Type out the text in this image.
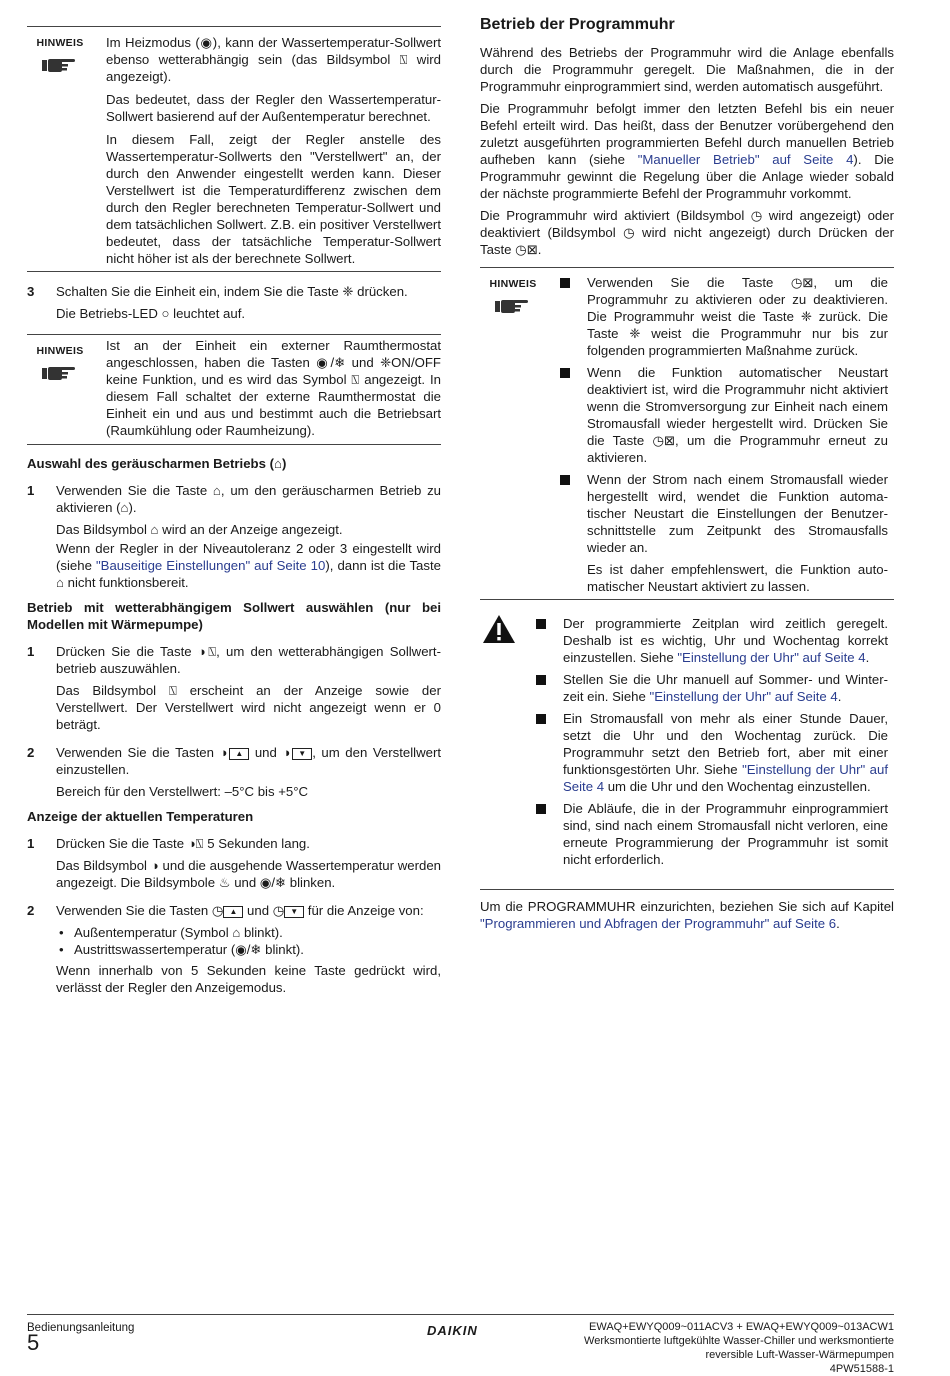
HINWEIS	Im Heizmodus (◉), kann der Wassertemperatur-Sollwert ebenso wetterabhängig sein (das Bildsymbol ⍂ wird angezeigt).

Das bedeutet, dass der Regler den Wassertemperatur-Sollwert basierend auf der Außentemperatur berechnet.

In diesem Fall, zeigt der Regler anstelle des Wassertemperatur-Sollwerts den "Verstellwert" an, der durch den Anwender eingestellt werden kann. Dieser Verstellwert ist die Temperaturdifferenz zwischen dem durch den Regler berechneten Temperatur-Sollwert und dem tatsächlichen Sollwert. Z.B. ein positiver Verstellwert bedeutet, dass der tatsächliche Temperatur-Sollwert nicht höher ist als der berechnete Sollwert.

3 Schalten Sie die Einheit ein, indem Sie die Taste ❈ drücken.

Die Betriebs-LED ○ leuchtet auf.

HINWEIS	Ist an der Einheit ein externer Raumthermostat angeschlossen, haben die Tasten ◉/❄ und ❈ON/OFF keine Funktion, und es wird das Symbol ⍂ angezeigt. In diesem Fall schaltet der externe Raumthermostat die Einheit ein und aus und bestimmt auch die Betriebsart (Raumkühlung oder Raumheizung).

Auswahl des geräuscharmen Betriebs (⌂)
1 Verwenden Sie die Taste ⌂, um den geräuscharmen Betrieb zu aktivieren (⌂).

Das Bildsymbol ⌂ wird an der Anzeige angezeigt.

Wenn der Regler in der Niveautoleranz 2 oder 3 eingestellt wird (siehe "Bauseitige Einstellungen" auf Seite 10), dann ist die Taste ⌂ nicht funktionsbereit.

Betrieb mit wetterabhängigem Sollwert auswählen (nur bei Modellen mit Wärmepumpe)
1 Drücken Sie die Taste ◑⍂, um den wetterabhängigen Sollwert-betrieb auszuwählen.

Das Bildsymbol ⍂ erscheint an der Anzeige sowie der Verstellwert. Der Verstellwert wird nicht angezeigt wenn er 0 beträgt.

2 Verwenden Sie die Tasten ◑ ▲ und ◑ ▼ , um den Verstellwert einzustellen.

Bereich für den Verstellwert: –5°C bis +5°C

Anzeige der aktuellen Temperaturen
1 Drücken Sie die Taste ◑⍂ 5 Sekunden lang.

Das Bildsymbol ◑ und die ausgehende Wassertemperatur werden angezeigt. Die Bildsymbole ♨ und ◉/❄ blinken.

2 Verwenden Sie die Tasten ◷ ▲ und ◷ ▼ für die Anzeige von:

• Außentemperatur (Symbol ⌂ blinkt).
• Austrittswassertemperatur (◉/❄ blinkt).

Wenn innerhalb von 5 Sekunden keine Taste gedrückt wird, verlässt der Regler den Anzeigemodus.

Betrieb der Programmuhr

Während des Betriebs der Programmuhr wird die Anlage ebenfalls durch die Programmuhr geregelt. Die Maßnahmen, die in der Programmuhr einprogrammiert sind, werden automatisch ausgeführt.

Die Programmuhr befolgt immer den letzten Befehl bis ein neuer Befehl erteilt wird. Das heißt, dass der Benutzer vorübergehend den zuletzt ausgeführten programmierten Befehl durch manuellen Betrieb aufheben kann (siehe "Manueller Betrieb" auf Seite 4). Die Programmuhr gewinnt die Regelung über die Anlage wieder sobald der nächste programmierte Befehl der Programmuhr vorkommt.

Die Programmuhr wird aktiviert (Bildsymbol ◷ wird angezeigt) oder deaktiviert (Bildsymbol ◷ wird nicht angezeigt) durch Drücken der Taste ◷⊠.

HINWEIS	Verwenden Sie die Taste ◷⊠, um die Programmuhr zu aktivieren oder zu deaktivieren. Die Programmuhr weist die Taste ❈ zurück. Die Taste ❈ weist die Programmuhr nur bis zur folgenden programmierten Maßnahme zurück.
Wenn die Funktion automatischer Neustart deaktiviert ist, wird die Programmuhr nicht aktiviert wenn die Stromversorgung zur Einheit nach einem Stromausfall wieder hergestellt wird. Drücken Sie die Taste ◷⊠, um die Programmuhr erneut zu aktivieren.
Wenn der Strom nach einem Stromausfall wieder hergestellt wird, wendet die Funktion automa-tischer Neustart die Einstellungen der Benutzer-schnittstelle zum Zeitpunkt des Stromausfalls wieder an.

Es ist daher empfehlenswert, die Funktion auto-matischer Neustart aktiviert zu lassen.

Der programmierte Zeitplan wird zeitlich geregelt. Deshalb ist es wichtig, Uhr und Wochentag korrekt einzustellen. Siehe "Einstellung der Uhr" auf Seite 4.
Stellen Sie die Uhr manuell auf Sommer- und Winter-zeit ein. Siehe "Einstellung der Uhr" auf Seite 4.
Ein Stromausfall von mehr als einer Stunde Dauer, setzt die Uhr und den Wochentag zurück. Die Programmuhr setzt den Betrieb fort, aber mit einer funktionsgestörten Uhr. Siehe "Einstellung der Uhr" auf Seite 4 um die Uhr und den Wochentag einzustellen.
Die Abläufe, die in der Programmuhr einprogrammiert sind, sind nach einem Stromausfall nicht verloren, eine erneute Programmierung der Programmuhr ist somit nicht erforderlich.

Um die PROGRAMMUHR einzurichten, beziehen Sie sich auf Kapitel "Programmieren und Abfragen der Programmuhr" auf Seite 6.

Bedienungsanleitung
5	DAIKIN	EWAQ+EWYQ009~011ACV3 + EWAQ+EWYQ009~013ACW1
Werksmontierte luftgekühlte Wasser-Chiller und werksmontierte
reversible Luft-Wasser-Wärmepumpen
4PW51588-1
